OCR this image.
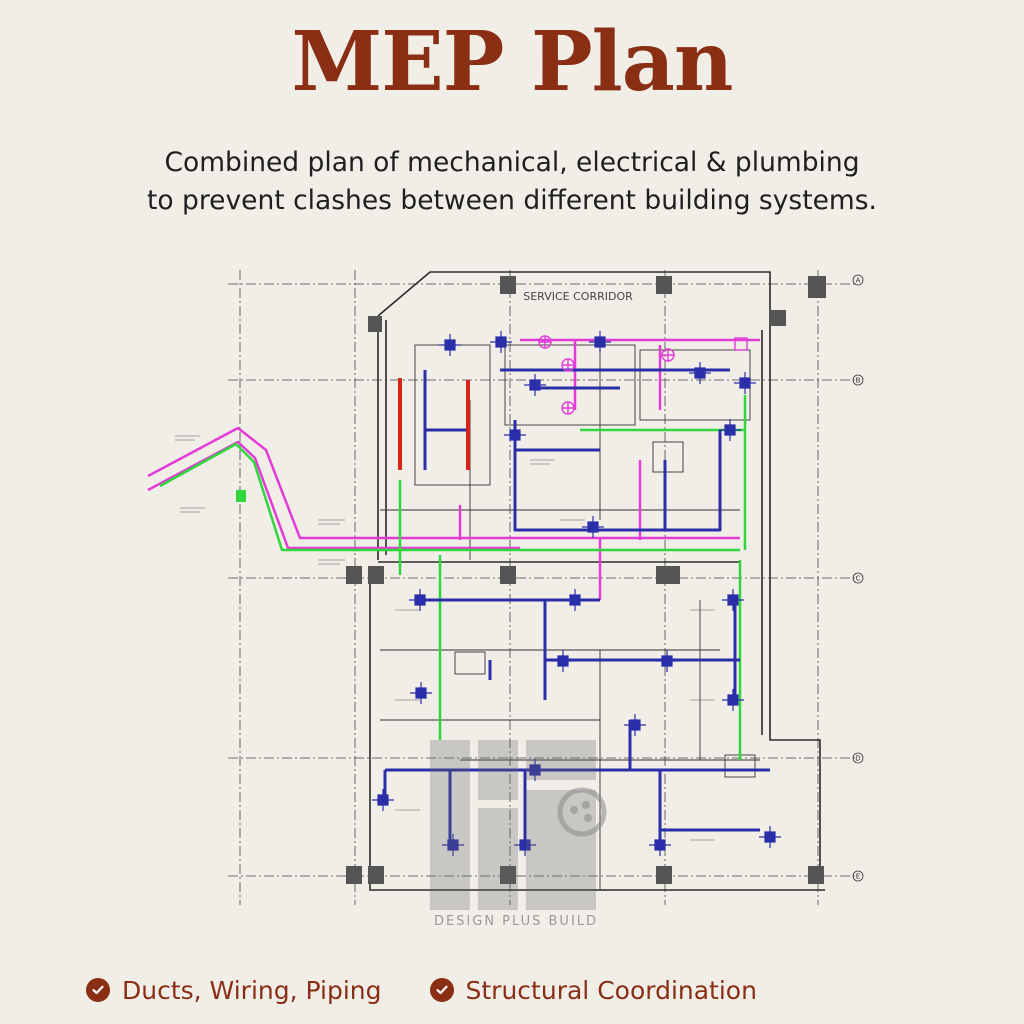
MEP Plan
Combined plan of mechanical, electrical & plumbing
to prevent clashes between different building systems.
A
B
C
D
E
SERVICE CORRIDOR
DESIGN PLUS BUILD
Ducts, Wiring, Piping	Structural Coordination
